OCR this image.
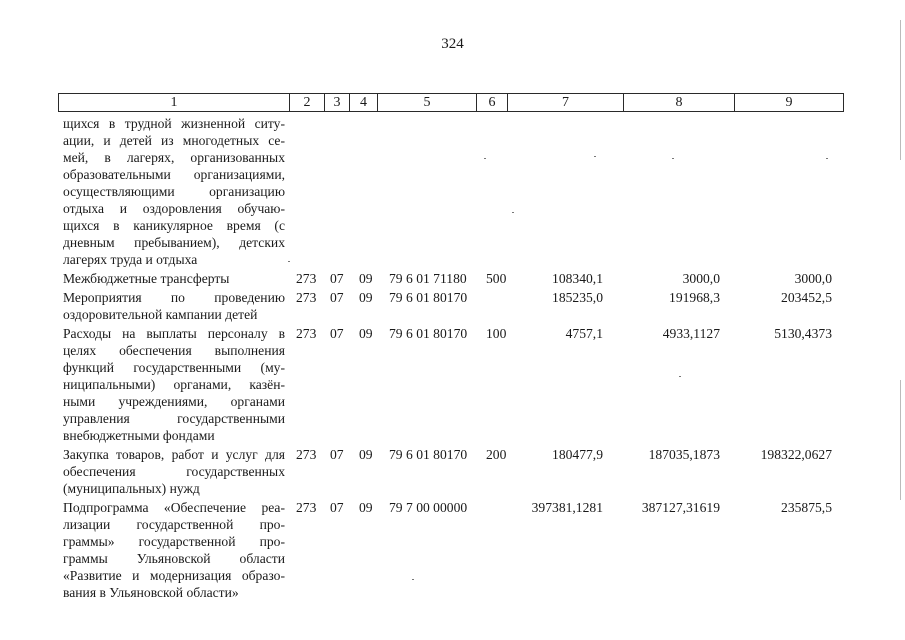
324
1	2	3	4	5	6	7	8	9
щихся в трудной жизненной ситу-
ации, и детей из многодетных се-
мей, в лагерях, организованных
образовательными организациями,
осуществляющими организацию
отдыха и оздоровления обучаю-
щихся в каникулярное время (с
дневным пребыванием), детских
лагерях труда и отдыха
Межбюджетные трансферты	273 07 09 79 6 01 71180 500	108340,1	3000,0	3000,0
Мероприятия по проведению
оздоровительной кампании детей
273 07 09 79 6 01 80170	185235,0	191968,3	203452,5
Расходы на выплаты персоналу в
целях обеспечения выполнения
функций государственными (му-
ниципальными) органами, казён-
ными учреждениями, органами
управления государственными
внебюджетными фондами
273 07 09 79 6 01 80170 100	4757,1	4933,1127	5130,4373
Закупка товаров, работ и услуг для
обеспечения государственных
(муниципальных) нужд
273 07 09 79 6 01 80170 200	180477,9	187035,1873	198322,0627
Подпрограмма «Обеспечение реа-
лизации государственной про-
граммы» государственной про-
граммы Ульяновской области
«Развитие и модернизация образо-
вания в Ульяновской области»
273 07 09 79 7 00 00000	397381,1281	387127,31619	235875,5
